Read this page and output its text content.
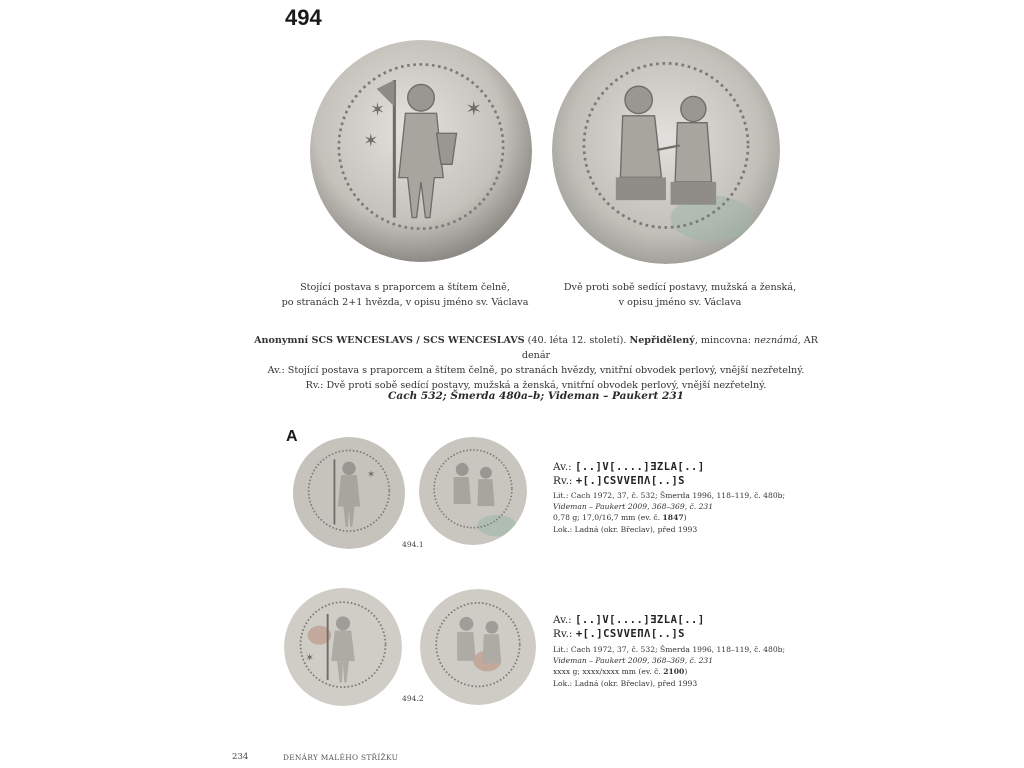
494
✶
✶
✶
Stojící postava s praporcem a štítem čelně,
po stranách 2+1 hvězda, v opisu jméno sv. Václava
Dvě proti sobě sedící postavy, mužská a ženská,
v opisu jméno sv. Václava
Anonymní SCS WENCESLAVS / SCS WENCESLAVS (40. léta 12. století). Nepřidělený, mincovna: neznámá, AR denár
Av.: Stojící postava s praporcem a štítem čelně, po stranách hvězdy, vnitřní obvodek perlový, vnější nezřetelný.
Rv.: Dvě proti sobě sedící postavy, mužská a ženská, vnitřní obvodek perlový, vnější nezřetelný.
Cach 532; Šmerda 480a–b; Videman – Paukert 231
A
✶
494.1
Av.: [..]V[....]ƎZLA[..]
Rv.: +[.]CSVVEΠΛ[..]S
Lit.: Cach 1972, 37, č. 532; Šmerda 1996, 118–119, č. 480b;
Videman – Paukert 2009, 368–369, č. 231
0,78 g; 17,0/16,7 mm (ev. č. 1847)
Lok.: Ladná (okr. Břeclav), před 1993
✶
494.2
Av.: [..]V[....]ƎZLA[..]
Rv.: +[.]CSVVEΠΛ[..]S
Lit.: Cach 1972, 37, č. 532; Šmerda 1996, 118–119, č. 480b;
Videman – Paukert 2009, 368–369, č. 231
xxxx g; xxxx/xxxx mm (ev. č. 2100)
Lok.: Ladná (okr. Břeclav), před 1993
234	DENÁRY MALÉHO STŘÍŽKU
